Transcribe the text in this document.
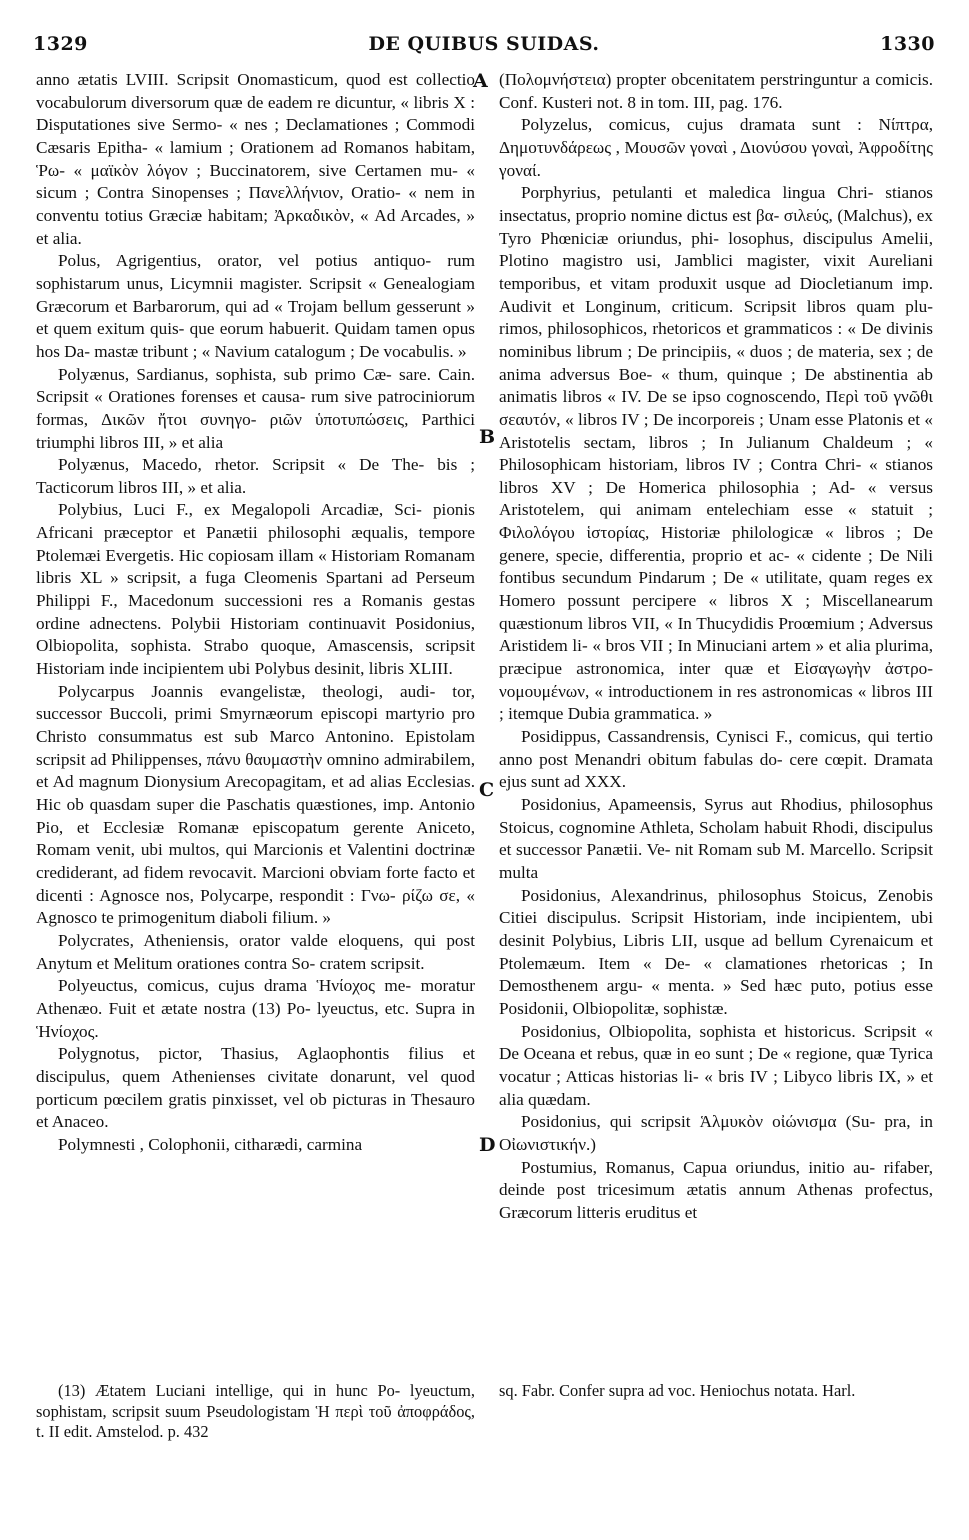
1329	DE QUIBUS SUIDAS.	1330
A
B
C
D

anno ætatis LVIII. Scripsit Onomasticum, quod est collectio vocabulorum diversorum quæ de eadem re dicuntur, « libris X : Disputationes sive Sermo- « nes ; Declamationes ; Commodi Cæsaris Epitha- « lamium ; Orationem ad Romanos habitam, Ῥω- « μαϊκὸν λόγον ; Buccinatorem, sive Certamen mu- « sicum ; Contra Sinopenses ; Πανελλήνιον, Oratio- « nem in conventu totius Græciæ habitam; Ἀρκαδικὸν, « Ad Arcades, » et alia.

Polus, Agrigentius, orator, vel potius antiquo- rum sophistarum unus, Licymnii magister. Scripsit « Genealogiam Græcorum et Barbarorum, qui ad « Trojam bellum gesserunt » et quem exitum quis- que eorum habuerit. Quidam tamen opus hos Da- mastæ tribunt ; « Navium catalogum ; De vocabulis. »

Polyænus, Sardianus, sophista, sub primo Cæ- sare. Cain. Scripsit « Orationes forenses et causa- rum sive patrociniorum formas, Δικῶν ἤτοι συνηγο- ριῶν ὑποτυπώσεις, Parthici triumphi libros III, » et alia

Polyænus, Macedo, rhetor. Scripsit « De The- bis ; Tacticorum libros III, » et alia.

Polybius, Luci F., ex Megalopoli Arcadiæ, Sci- pionis Africani præceptor et Panætii philosophi æqualis, tempore Ptolemæi Evergetis. Hic copiosam illam « Historiam Romanam libris XL » scripsit, a fuga Cleomenis Spartani ad Perseum Philippi F., Macedonum successioni res a Romanis gestas ordine adnectens. Polybii Historiam continuavit Posidonius, Olbiopolita, sophista. Strabo quoque, Amascensis, scripsit Historiam inde incipientem ubi Polybus desinit, libris XLIII.

Polycarpus Joannis evangelistæ, theologi, audi- tor, successor Buccoli, primi Smyrnæorum episcopi martyrio pro Christo consummatus est sub Marco Antonino. Epistolam scripsit ad Philippenses, πάνυ θαυμαστὴν omnino admirabilem, et Ad magnum Dionysium Arecopagitam, et ad alias Ecclesias. Hic ob quasdam super die Paschatis quæstiones, imp. Antonio Pio, et Ecclesiæ Romanæ episcopatum gerente Aniceto, Romam venit, ubi multos, qui Marcionis et Valentini doctrinæ crediderant, ad fidem revocavit. Marcioni obviam forte facto et dicenti : Agnosce nos, Polycarpe, respondit : Γνω- ρίζω σε, « Agnosco te primogenitum diaboli filium. »

Polycrates, Atheniensis, orator valde eloquens, qui post Anytum et Melitum orationes contra So- cratem scripsit.

Polyeuctus, comicus, cujus drama Ἡνίοχος me- moratur Athenæo. Fuit et ætate nostra (13) Po- lyeuctus, etc. Supra in Ἡνίοχος.

Polygnotus, pictor, Thasius, Aglaophontis filius et discipulus, quem Athenienses civitate donarunt, vel quod porticum pœcilem gratis pinxisset, vel ob picturas in Thesauro et Anaceo.

Polymnesti , Colophonii, citharædi, carmina

(Πολομνήστεια) propter obcenitatem perstringuntur a comicis. Conf. Kusteri not. 8 in tom. III, pag. 176.

Polyzelus, comicus, cujus dramata sunt : Νίπτρα, Δημοτυνδάρεως , Μουσῶν γοναὶ , Διονύσου γοναὶ, Ἀφροδίτης γοναί.

Porphyrius, petulanti et maledica lingua Chri- stianos insectatus, proprio nomine dictus est βα- σιλεύς, (Malchus), ex Tyro Phœniciæ oriundus, phi- losophus, discipulus Amelii, Plotino magistro usi, Jamblici magister, vixit Aureliani temporibus, et vitam produxit usque ad Diocletianum imp. Audivit et Longinum, criticum. Scripsit libros quam plu- rimos, philosophicos, rhetoricos et grammaticos : « De divinis nominibus librum ; De principiis, « duos ; de materia, sex ; de anima adversus Boe- « thum, quinque ; De abstinentia ab animatis libros « IV. De se ipso cognoscendo, Περὶ τοῦ γνῶθι σεαυτόν, « libros IV ; De incorporeis ; Unam esse Platonis et « Aristotelis sectam, libros ; In Julianum Chaldeum ; « Philosophicam historiam, libros IV ; Contra Chri- « stianos libros XV ; De Homerica philosophia ; Ad- « versus Aristotelem, qui animam entelechiam esse « statuit ; Φιλολόγου ἱστορίας, Historiæ philologicæ « libros ; De genere, specie, differentia, proprio et ac- « cidente ; De Nili fontibus secundum Pindarum ; De « utilitate, quam reges ex Homero possunt percipere « libros X ; Miscellanearum quæstionum libros VII, « In Thucydidis Proœmium ; Adversus Aristidem li- « bros VII ; In Minuciani artem » et alia plurima, præcipue astronomica, inter quæ et Εἰσαγωγὴν ἀστρο- νομουμένων, « introductionem in res astronomicas « libros III ; itemque Dubia grammatica. »

Posidippus, Cassandrensis, Cynisci F., comicus, qui tertio anno post Menandri obitum fabulas do- cere cœpit. Dramata ejus sunt ad XXX.

Posidonius, Apameensis, Syrus aut Rhodius, philosophus Stoicus, cognomine Athleta, Scholam habuit Rhodi, discipulus et successor Panætii. Ve- nit Romam sub M. Marcello. Scripsit multa

Posidonius, Alexandrinus, philosophus Stoicus, Zenobis Citiei discipulus. Scripsit Historiam, inde incipientem, ubi desinit Polybius, Libris LII, usque ad bellum Cyrenaicum et Ptolemæum. Item « De- « clamationes rhetoricas ; In Demosthenem argu- « menta. » Sed hæc puto, potius esse Posidonii, Olbiopolitæ, sophistæ.

Posidonius, Olbiopolita, sophista et historicus. Scripsit « De Oceana et rebus, quæ in eo sunt ; De « regione, quæ Tyrica vocatur ; Atticas historias li- « bris IV ; Libyco libris IX, » et alia quædam.

Posidonius, qui scripsit Ἁλμυκὸν οἰώνισμα (Su- pra, in Οἰωνιστικήν.)

Postumius, Romanus, Capua oriundus, initio au- rifaber, deinde post tricesimum ætatis annum Athenas profectus, Græcorum litteris eruditus et

(13) Ætatem Luciani intellige, qui in hunc Po- lyeuctum, sophistam, scripsit suum Pseudologistam Ἡ περὶ τοῦ ἀποφράδος, t. II edit. Amstelod. p. 432

sq. Fabr. Confer supra ad voc. Heniochus notata. Harl.
